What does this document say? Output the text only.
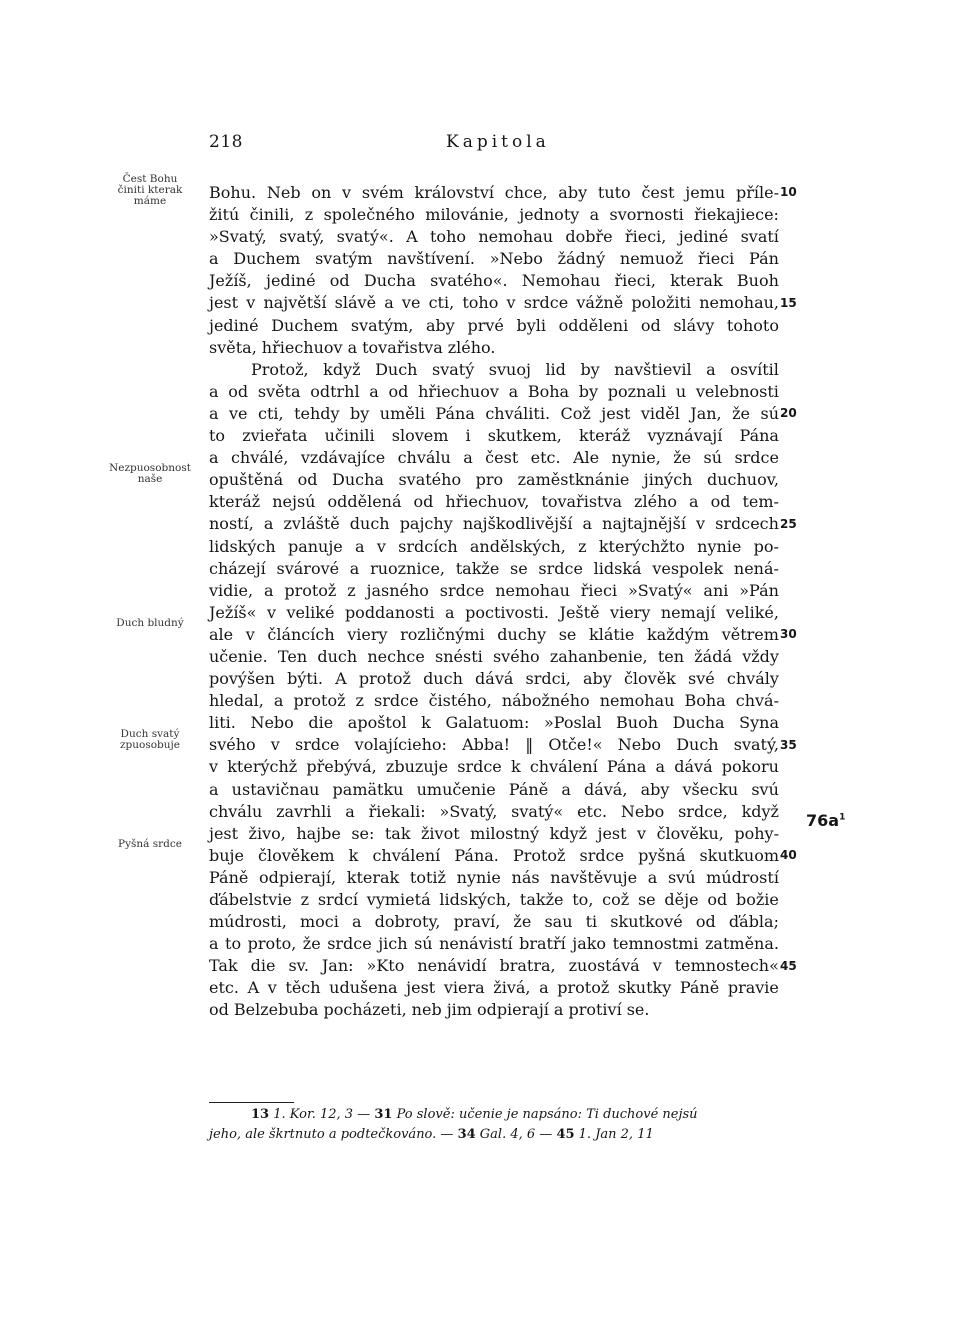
218	Kapitola
Čest Bohu
činiti kterak
máme
Nezpuosobnost
naše
Duch bludný
Duch svatý
zpuosobuje
Pyšná srdce
Bohu. Neb on v svém království chce, aby tuto čest jemu příle-
žitú činili, z společného milovánie, jednoty a svornosti řiekajiece:
»Svatý, svatý, svatý«. A toho nemohau dobře řieci, jediné svatí
a Duchem svatým navštívení. »Nebo žádný nemuož řieci Pán
Ježíš, jediné od Ducha svatého«. Nemohau řieci, kterak Buoh
jest v najvětší slávě a ve cti, toho v srdce vážně položiti nemohau,
jediné Duchem svatým, aby prvé byli odděleni od slávy tohoto
světa, hřiechuov a tovařistva zlého.
Protož, když Duch svatý svuoj lid by navštievil a osvítil
a od světa odtrhl a od hřiechuov a Boha by poznali u velebnosti
a ve cti, tehdy by uměli Pána chváliti. Což jest viděl Jan, že sú
to zvieřata učinili slovem i skutkem, kteráž vyznávají Pána
a chválé, vzdávajíce chválu a čest etc. Ale nynie, že sú srdce
opuštěná od Ducha svatého pro zaměstknánie jiných duchuov,
kteráž nejsú oddělená od hřiechuov, tovařistva zlého a od tem-
ností, a zvláště duch pajchy najškodlivější a najtajnější v srdcech
lidských panuje a v srdcích andělských, z kterýchžto nynie po-
cházejí svárové a ruoznice, takže se srdce lidská vespolek nená-
vidie, a protož z jasného srdce nemohau řieci »Svatý« ani »Pán
Ježíš« v veliké poddanosti a poctivosti. Ještě viery nemají veliké,
ale v článcích viery rozličnými duchy se klátie každým větrem
učenie. Ten duch nechce snésti svého zahanbenie, ten žádá vždy
povýšen býti. A protož duch dává srdci, aby člověk své chvály
hledal, a protož z srdce čistého, nábožného nemohau Boha chvá-
liti. Nebo die apoštol k Galatuom: »Poslal Buoh Ducha Syna
svého v srdce volajícieho: Abba! ‖ Otče!« Nebo Duch svatý,
v kterýchž přebývá, zbuzuje srdce k chválení Pána a dává pokoru
a ustavičnau pamätku umučenie Páně a dává, aby všecku svú
chválu zavrhli a řiekali: »Svatý, svatý« etc. Nebo srdce, když
jest živo, hajbe se: tak život milostný když jest v člověku, pohy-
buje člověkem k chválení Pána. Protož srdce pyšná skutkuom
Páně odpierají, kterak totiž nynie nás navštěvuje a svú múdrostí
ďábelstvie z srdcí vymietá lidských, takže to, což se děje od božie
múdrosti, moci a dobroty, praví, že sau ti skutkové od ďábla;
a to proto, že srdce jich sú nenávistí bratří jako temnostmi zatměna.
Tak die sv. Jan: »Kto nenávidí bratra, zuostává v temnostech«
etc. A v těch udušena jest viera živá, a protož skutky Páně pravie
od Belzebuba pocházeti, neb jim odpierají a protiví se.
10
15
20
25
30
35
40
45
$76a^1$
13 1. Kor. 12, 3 — 31 Po slově: učenie je napsáno: Ti duchové nejsú
jeho, ale škrtnuto a podtečkováno. — 34 Gal. 4, 6 — 45 1. Jan 2, 11
